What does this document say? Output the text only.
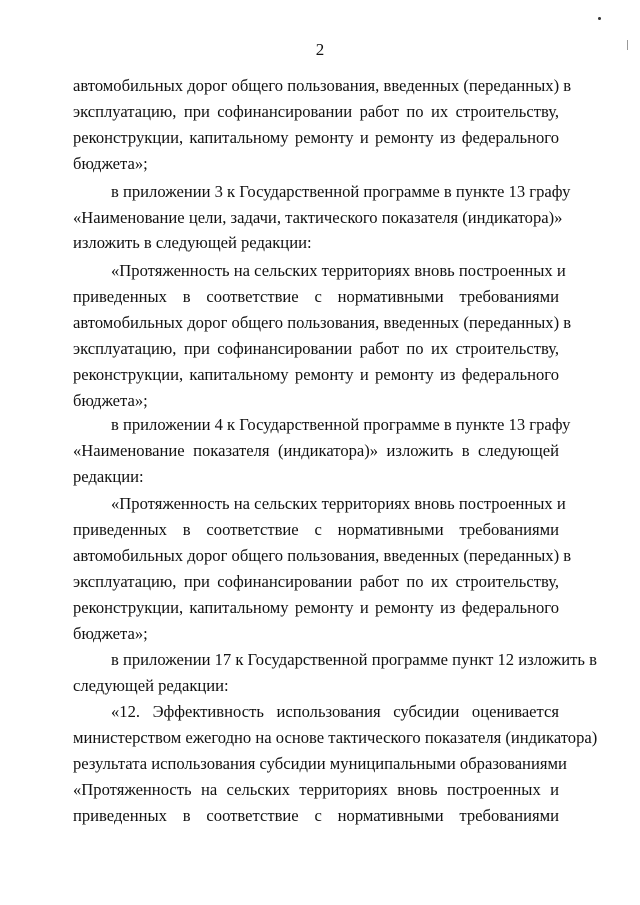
2
автомобильных дорог общего пользования, введенных (переданных) в
эксплуатацию, при софинансировании работ по их строительству,
реконструкции, капитальному ремонту и ремонту из федерального
бюджета»;
в приложении 3 к Государственной программе в пункте 13 графу
«Наименование цели, задачи, тактического показателя (индикатора)»
изложить в следующей редакции:
«Протяженность на сельских территориях вновь построенных и
приведенных в соответствие с нормативными требованиями
автомобильных дорог общего пользования, введенных (переданных) в
эксплуатацию, при софинансировании работ по их строительству,
реконструкции, капитальному ремонту и ремонту из федерального
бюджета»;
в приложении 4 к Государственной программе в пункте 13 графу
«Наименование показателя (индикатора)» изложить в следующей
редакции:
«Протяженность на сельских территориях вновь построенных и
приведенных в соответствие с нормативными требованиями
автомобильных дорог общего пользования, введенных (переданных) в
эксплуатацию, при софинансировании работ по их строительству,
реконструкции, капитальному ремонту и ремонту из федерального
бюджета»;
в приложении 17 к Государственной программе пункт 12 изложить в
следующей редакции:
«12. Эффективность использования субсидии оценивается
министерством ежегодно на основе тактического показателя (индикатора)
результата использования субсидии муниципальными образованиями
«Протяженность на сельских территориях вновь построенных и
приведенных в соответствие с нормативными требованиями
